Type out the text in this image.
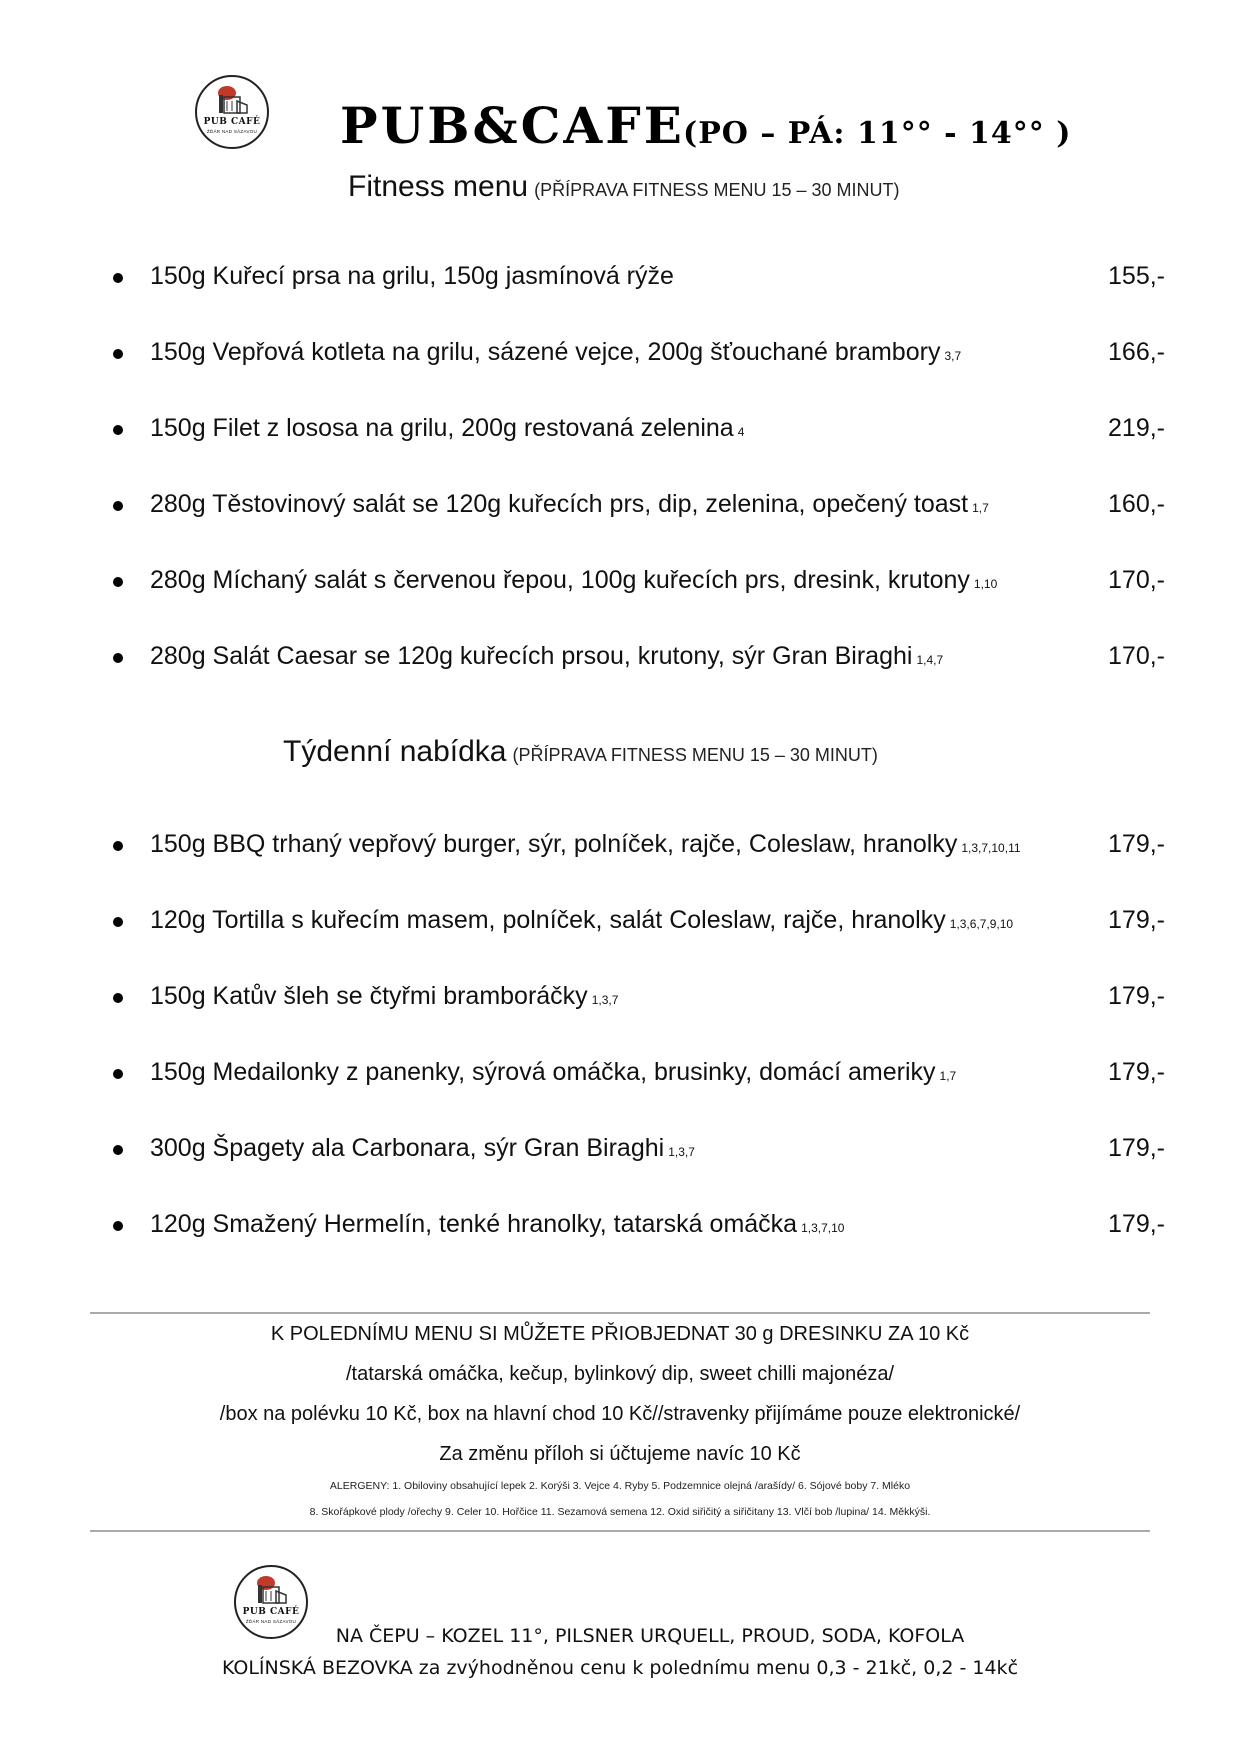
PUB CAFÉ
ŽĎÁR NAD SÁZAVOU PUB&CAFE
(PO – PÁ: 11°° - 14°° )
Fitness menu (PŘÍPRAVA FITNESS MENU 15 – 30 MINUT)
150g Kuřecí prsa na grilu, 150g jasmínová rýže	155,-
150g Vepřová kotleta na grilu, sázené vejce, 200g šťouchané brambory 3,7	166,-
150g Filet z lososa na grilu, 200g restovaná zelenina 4	219,-
280g Těstovinový salát se 120g kuřecích prs, dip, zelenina, opečený toast 1,7	160,-
280g Míchaný salát s červenou řepou, 100g kuřecích prs, dresink, krutony 1,10	170,-
280g Salát Caesar se 120g kuřecích prsou, krutony, sýr Gran Biraghi 1,4,7	170,-
Týdenní nabídka (PŘÍPRAVA FITNESS MENU 15 – 30 MINUT)
150g BBQ trhaný vepřový burger, sýr, polníček, rajče, Coleslaw, hranolky 1,3,7,10,11	179,-
120g Tortilla s kuřecím masem, polníček, salát Coleslaw, rajče, hranolky 1,3,6,7,9,10	179,-
150g Katův šleh se čtyřmi bramboráčky 1,3,7	179,-
150g Medailonky z panenky, sýrová omáčka, brusinky, domácí ameriky 1,7	179,-
300g Špagety ala Carbonara, sýr Gran Biraghi 1,3,7	179,-
120g Smažený Hermelín, tenké hranolky, tatarská omáčka 1,3,7,10	179,-
K POLEDNÍMU MENU SI MŮŽETE PŘIOBJEDNAT 30 g DRESINKU ZA 10 Kč
/tatarská omáčka, kečup, bylinkový dip, sweet chilli majonéza/
/box na polévku 10 Kč, box na hlavní chod 10 Kč//stravenky přijímáme pouze elektronické/
Za změnu příloh si účtujeme navíc 10 Kč
ALERGENY: 1. Obiloviny obsahující lepek 2. Korýši 3. Vejce 4. Ryby 5. Podzemnice olejná /arašídy/ 6. Sójové boby 7. Mléko
8. Skořápkové plody /ořechy 9. Celer 10. Hořčice 11. Sezamová semena 12. Oxid siřičitý a siřičitany 13. Vlčí bob /lupina/ 14. Měkkýši.
PUB CAFÉ
ŽĎÁR NAD SÁZAVOU
NA ČEPU – KOZEL 11°, PILSNER URQUELL, PROUD, SODA, KOFOLA
KOLÍNSKÁ BEZOVKA za zvýhodněnou cenu k polednímu menu 0,3 - 21kč, 0,2 - 14kč
